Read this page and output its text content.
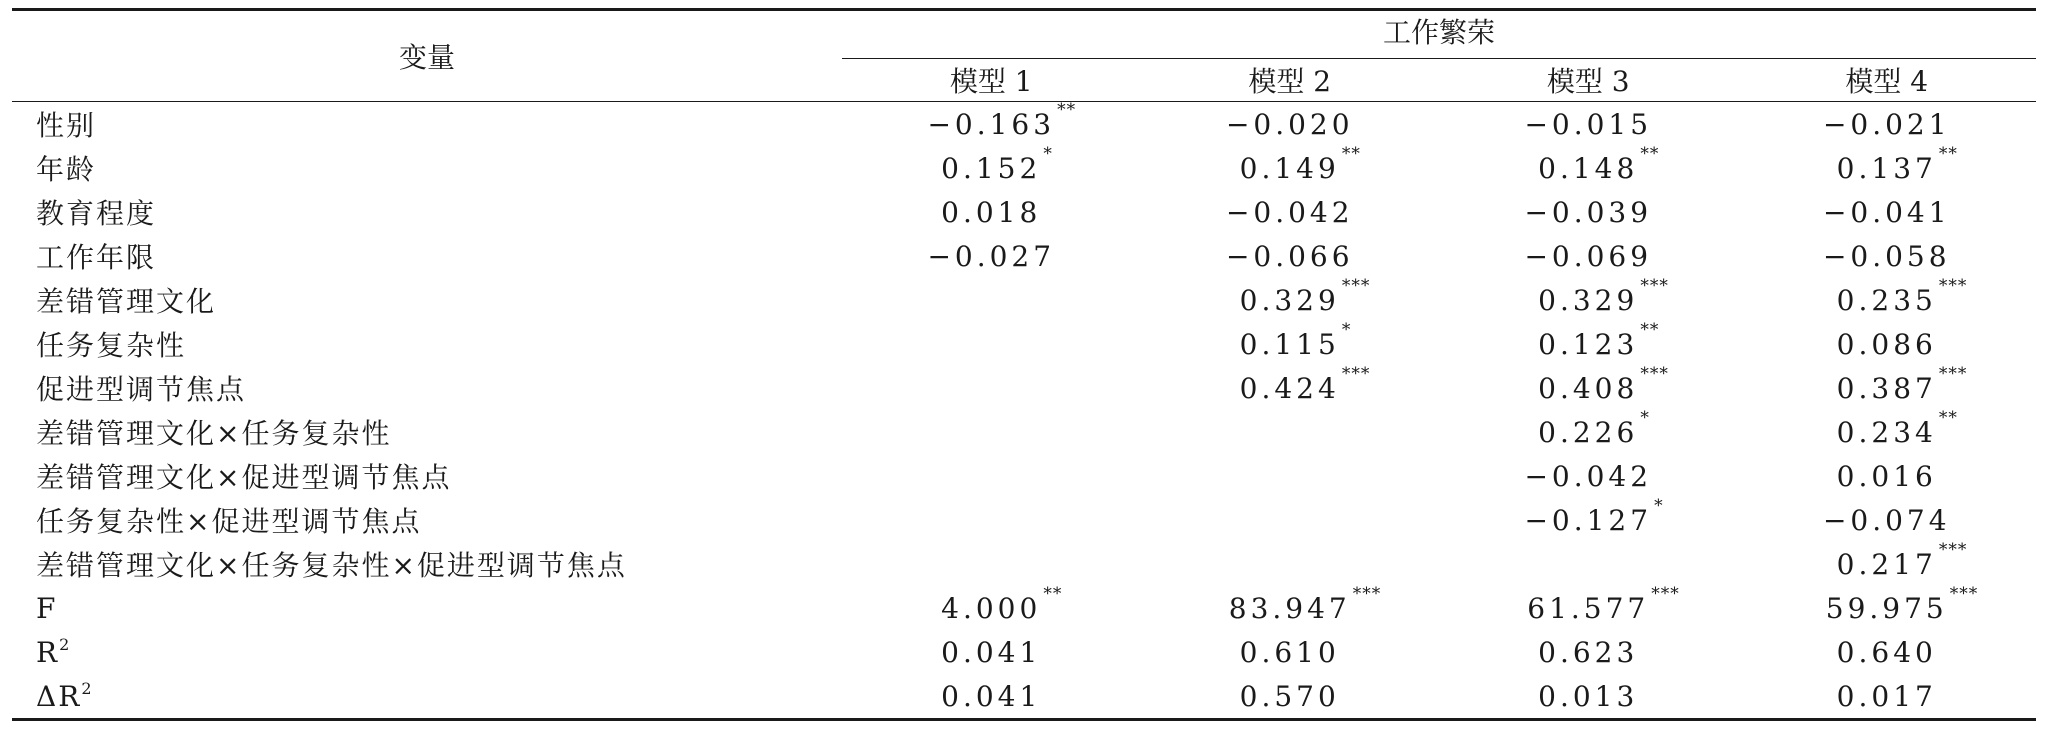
变量	工作繁荣			

	模型 1	模型 2	模型 3	模型 4
性别	−0.163 **	−0.020	−0.015	−0.021

年龄	0.152 *	0.149 **	0.148 **	0.137 **

教育程度	0.018	−0.042	−0.039	−0.041

工作年限	−0.027	−0.066	−0.069	−0.058

差错管理文化		0.329 ***	0.329 ***	0.235 ***

任务复杂性		0.115 *	0.123 **	0.086

促进型调节焦点		0.424 ***	0.408 ***	0.387 ***

差错管理文化×任务复杂性			0.226 *	0.234 **

差错管理文化×促进型调节焦点			−0.042	0.016

任务复杂性×促进型调节焦点			−0.127 *	−0.074

差错管理文化×任务复杂性×促进型调节焦点				0.217 ***

F	4.000 **	83.947 ***	61.577 ***	59.975 ***

$R^2$	0.041	0.610	0.623	0.640

$\Delta R^2$	0.041	0.570	0.013	0.017
